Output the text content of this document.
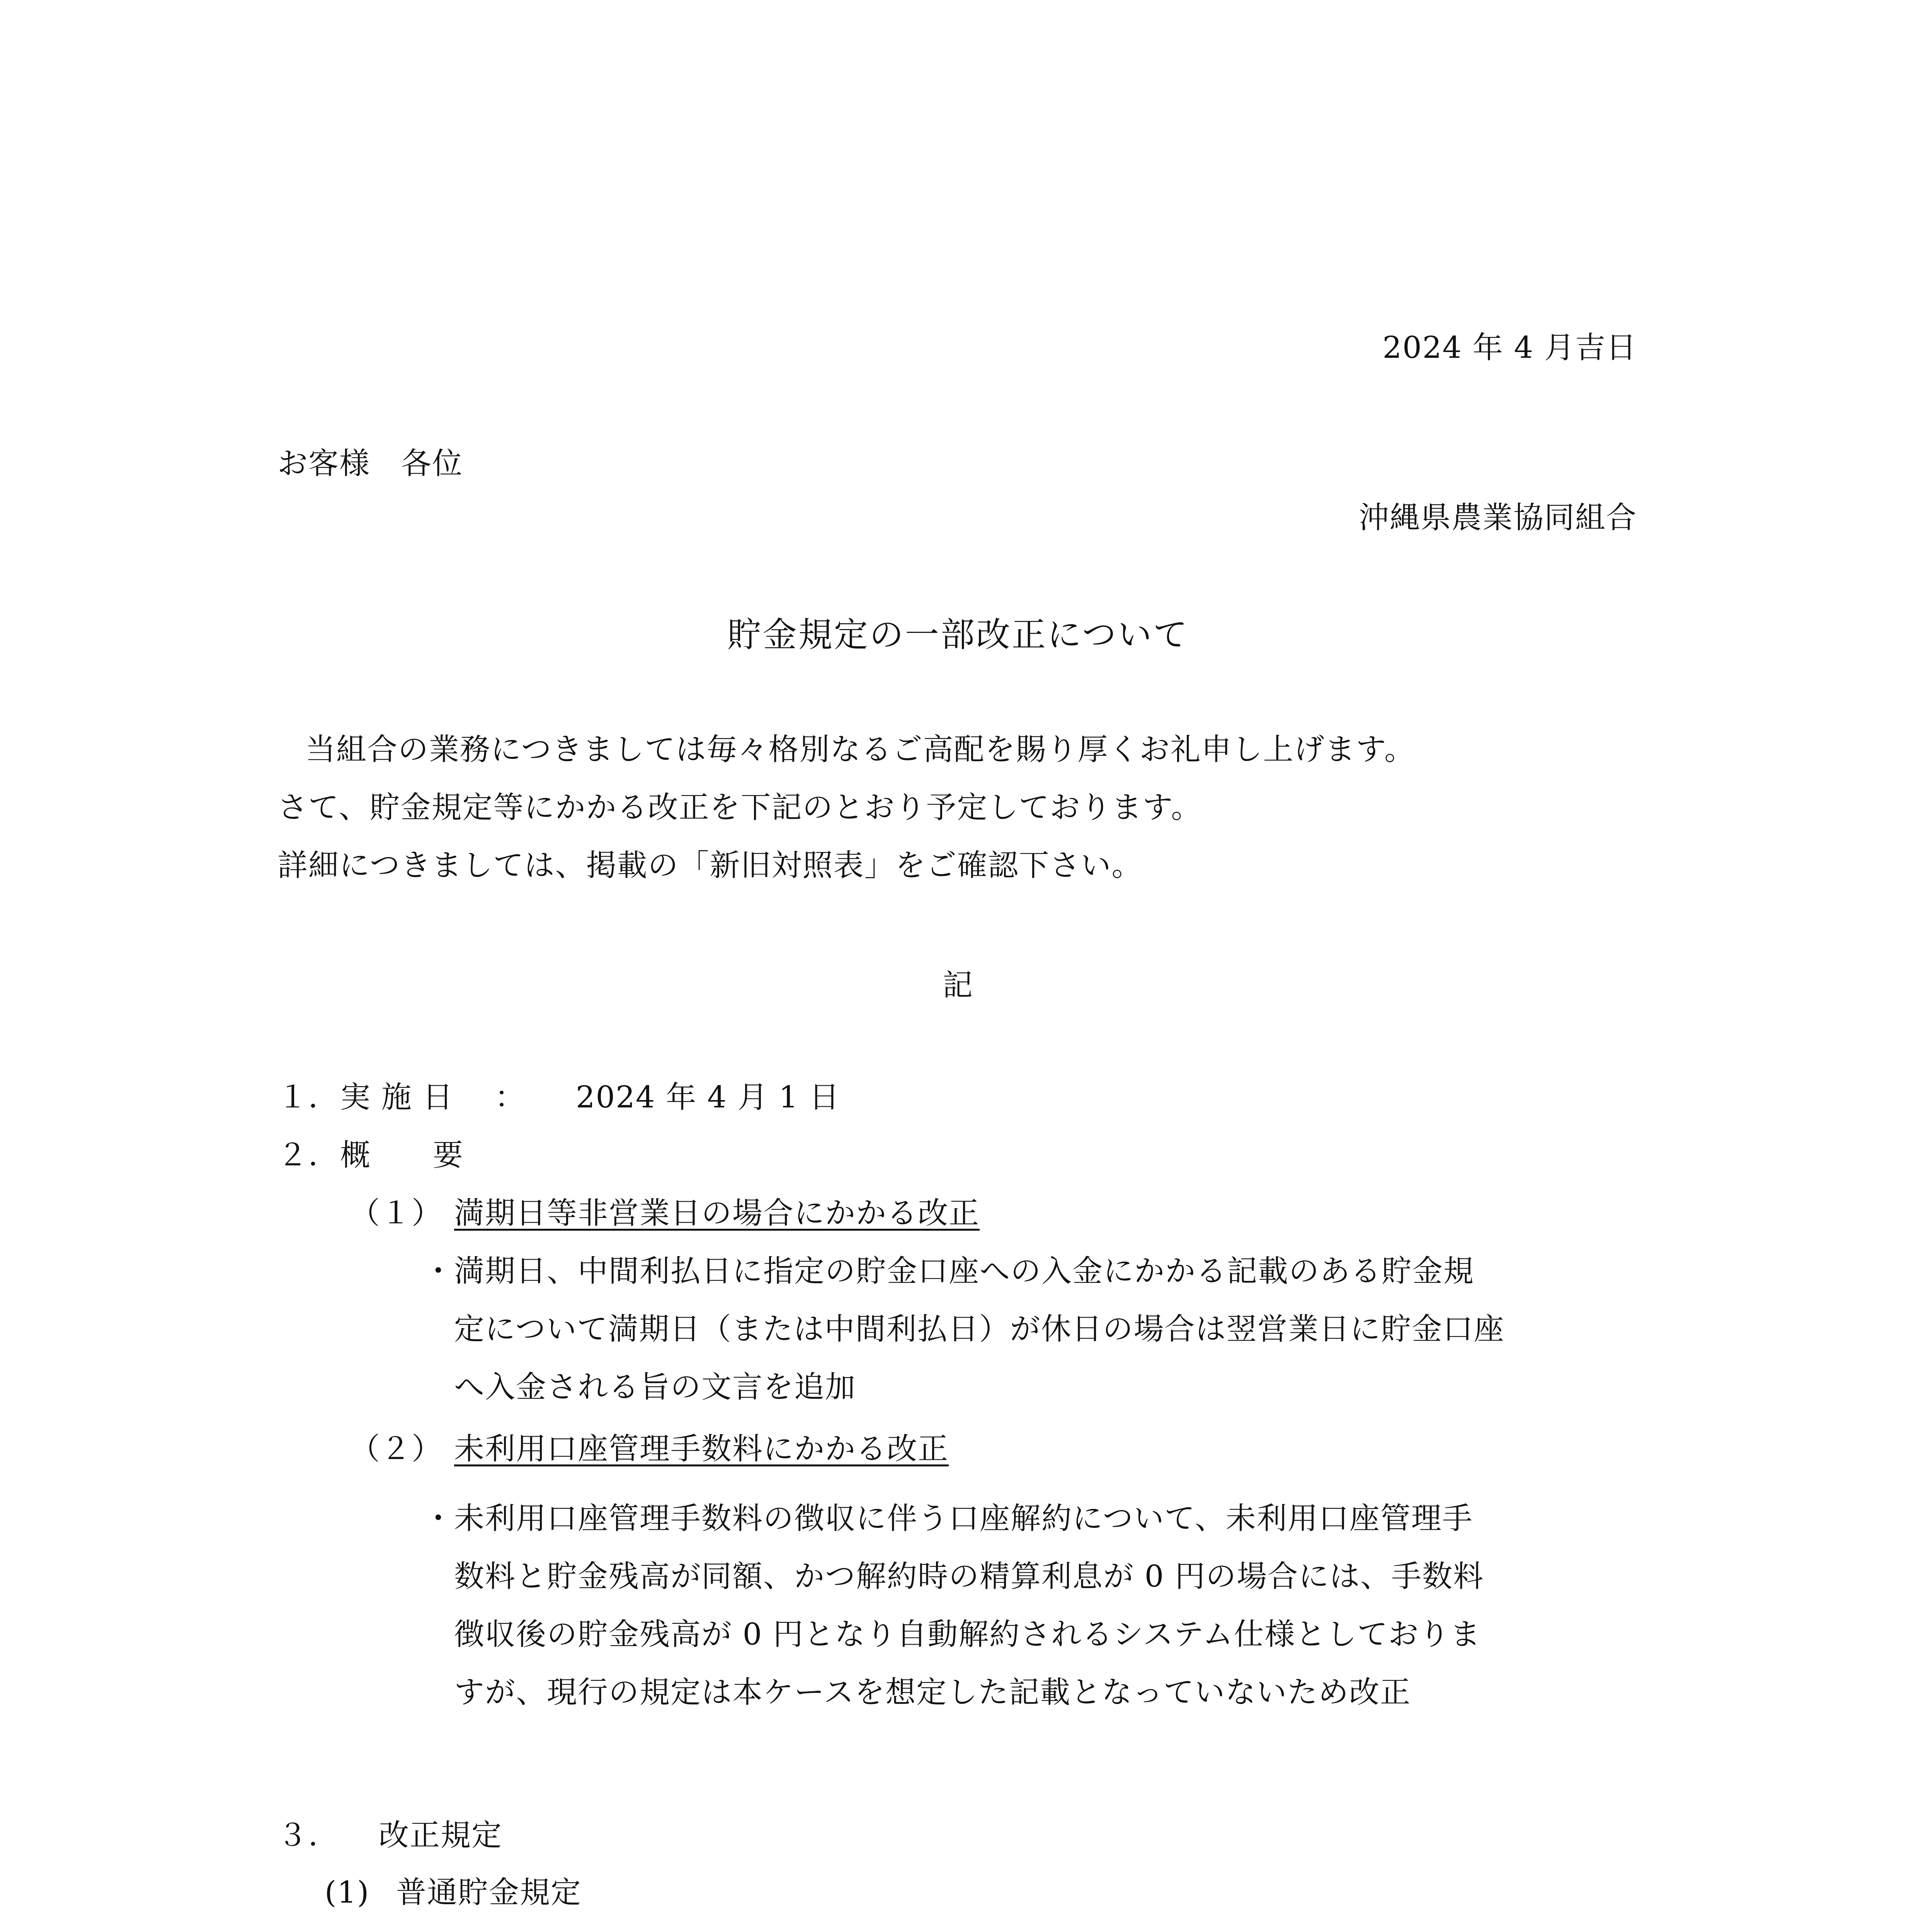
2024 年 4 月吉日
お客様　各位
沖縄県農業協同組合
貯金規定の一部改正について
当組合の業務につきましては毎々格別なるご高配を賜り厚くお礼申し上げます。
さて、貯金規定等にかかる改正を下記のとおり予定しております。
詳細につきましては、掲載の「新旧対照表」をご確認下さい。
記
１． 実 施 日 ： 2024 年 4 月 1 日
２． 概　　要
（１） 満期日等非営業日の場合にかかる改正
・ 満期日、中間利払日に指定の貯金口座への入金にかかる記載のある貯金規
定について満期日（または中間利払日）が休日の場合は翌営業日に貯金口座
へ入金される旨の文言を追加
（２） 未利用口座管理手数料にかかる改正
・ 未利用口座管理手数料の徴収に伴う口座解約について、未利用口座管理手
数料と貯金残高が同額、かつ解約時の精算利息が 0 円の場合には、手数料
徴収後の貯金残高が 0 円となり自動解約されるシステム仕様としておりま
すが、現行の規定は本ケースを想定した記載となっていないため改正
３． 改正規定
(1) 普通貯金規定
